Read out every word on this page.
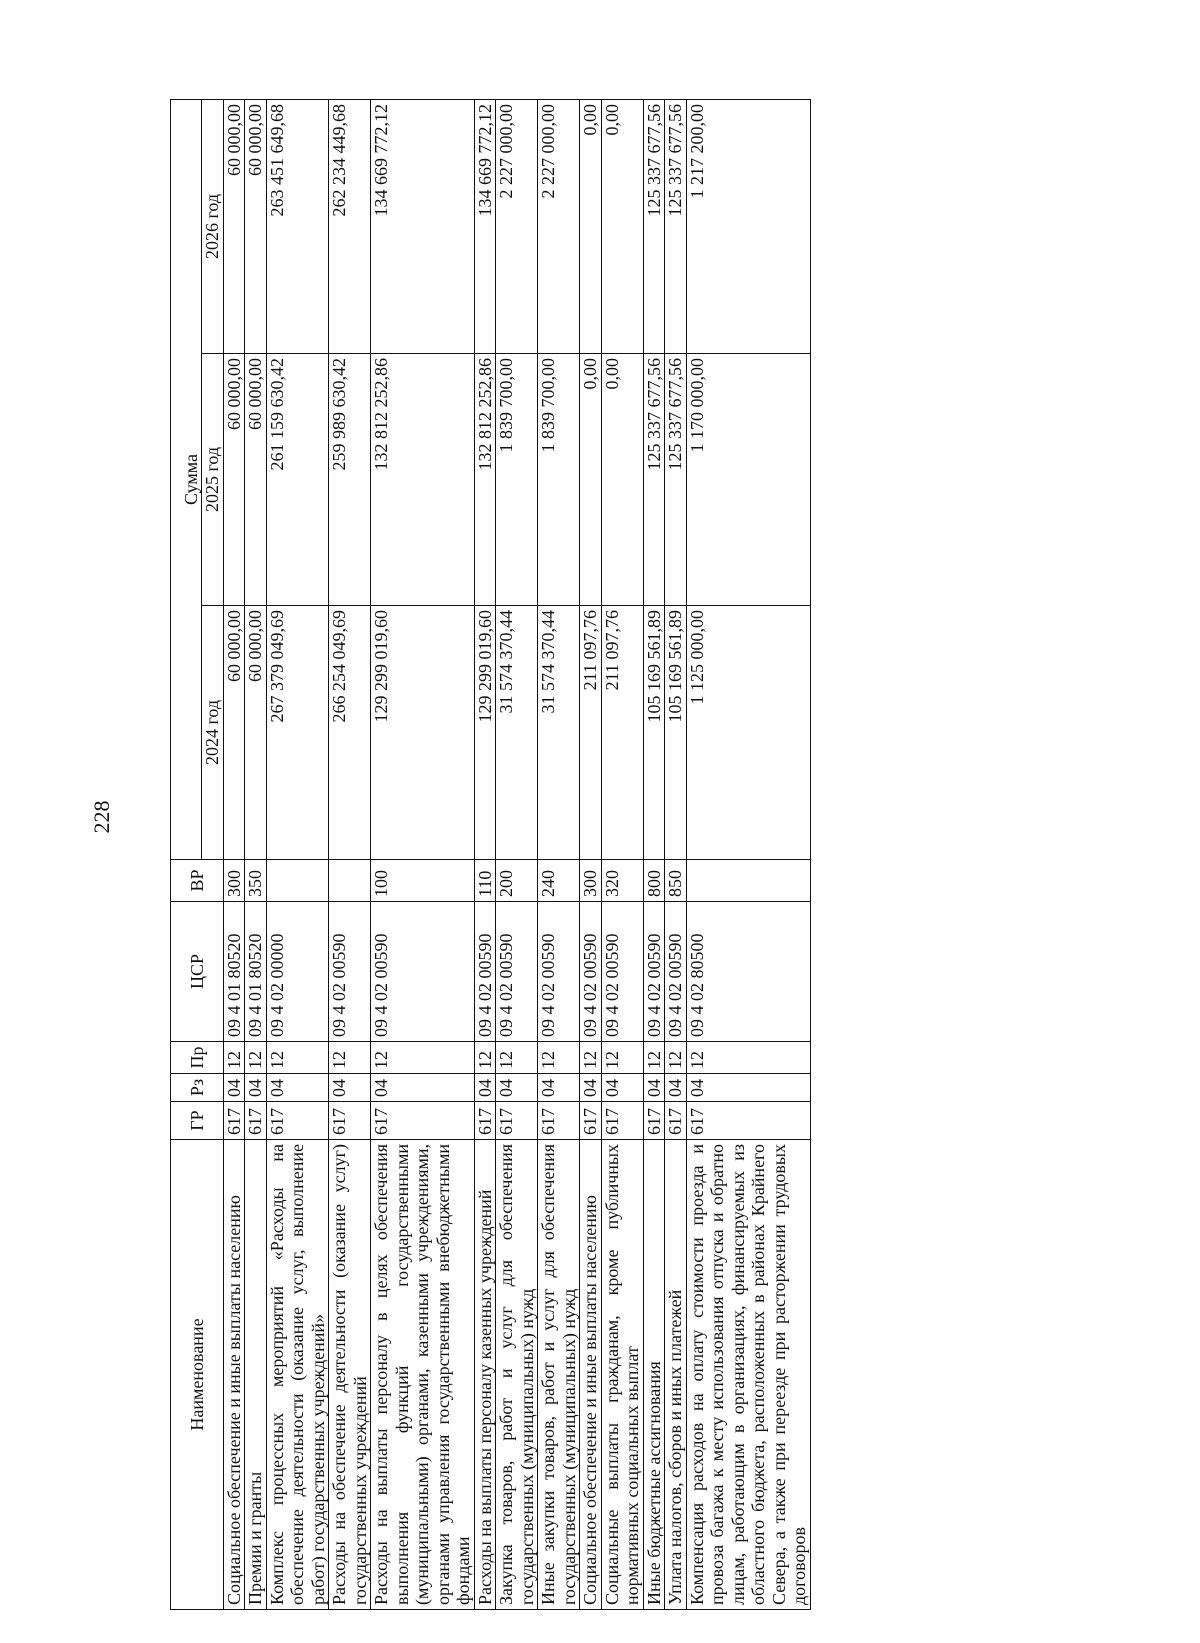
228
Наименование	ГР	Рз	Пр	ЦСР	ВР	Сумма		
						2024 год	2025 год	2026 год
Социальное обеспечение и иные выплаты населению	617	04	12	09 4 01 80520	300	60 000,00	60 000,00	60 000,00
Премии и гранты	617	04	12	09 4 01 80520	350	60 000,00	60 000,00	60 000,00
Комплекс процессных мероприятий «Расходы на обеспечение деятельности (оказание услуг, выполнение работ) государственных учреждений»	617	04	12	09 4 02 00000		267 379 049,69	261 159 630,42	263 451 649,68
Расходы на обеспечение деятельности (оказание услуг) государственных учреждений	617	04	12	09 4 02 00590		266 254 049,69	259 989 630,42	262 234 449,68
Расходы на выплаты персоналу в целях обеспечения выполнения функций государственными (муниципальными) органами, казенными учреждениями, органами управления государственными внебюджетными фондами	617	04	12	09 4 02 00590	100	129 299 019,60	132 812 252,86	134 669 772,12
Расходы на выплаты персоналу казенных учреждений	617	04	12	09 4 02 00590	110	129 299 019,60	132 812 252,86	134 669 772,12
Закупка товаров, работ и услуг для обеспечения государственных (муниципальных) нужд	617	04	12	09 4 02 00590	200	31 574 370,44	1 839 700,00	2 227 000,00
Иные закупки товаров, работ и услуг для обеспечения государственных (муниципальных) нужд	617	04	12	09 4 02 00590	240	31 574 370,44	1 839 700,00	2 227 000,00
Социальное обеспечение и иные выплаты населению	617	04	12	09 4 02 00590	300	211 097,76	0,00	0,00
Социальные выплаты гражданам, кроме публичных нормативных социальных выплат	617	04	12	09 4 02 00590	320	211 097,76	0,00	0,00
Иные бюджетные ассигнования	617	04	12	09 4 02 00590	800	105 169 561,89	125 337 677,56	125 337 677,56
Уплата налогов, сборов и иных платежей	617	04	12	09 4 02 00590	850	105 169 561,89	125 337 677,56	125 337 677,56
Компенсация расходов на оплату стоимости проезда и провоза багажа к месту использования отпуска и обратно лицам, работающим в организациях, финансируемых из областного бюджета, расположенных в районах Крайнего Севера, а также при переезде при расторжении трудовых договоров	617	04	12	09 4 02 80500		1 125 000,00	1 170 000,00	1 217 200,00
